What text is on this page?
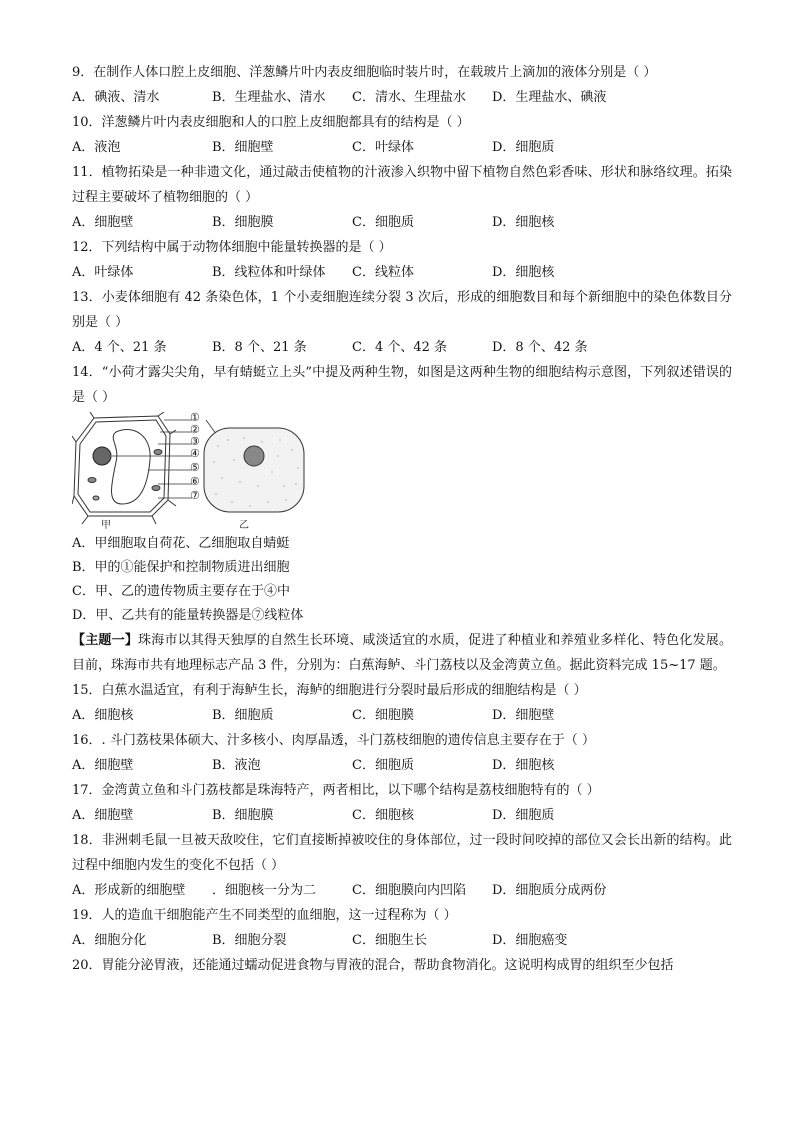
9．在制作人体口腔上皮细胞、洋葱鳞片叶内表皮细胞临时装片时，在载玻片上滴加的液体分别是（ ）
A．碘液、清水	B．生理盐水、清水	C．清水、生理盐水	D．生理盐水、碘液
10．洋葱鳞片叶内表皮细胞和人的口腔上皮细胞都具有的结构是（ ）
A．液泡	B．细胞壁	C．叶绿体	D．细胞质
11．植物拓染是一种非遗文化，通过敲击使植物的汁液渗入织物中留下植物自然色彩香味、形状和脉络纹理。拓染过程主要破坏了植物细胞的（ ）
A．细胞壁	B．细胞膜	C．细胞质	D．细胞核
12．下列结构中属于动物体细胞中能量转换器的是（ ）
A．叶绿体	B．线粒体和叶绿体	C．线粒体	D．细胞核
13．小麦体细胞有 42 条染色体，1 个小麦细胞连续分裂 3 次后，形成的细胞数目和每个新细胞中的染色体数目分别是（ ）
A．4 个、21 条	B．8 个、21 条	C．4 个、42 条	D．8 个、42 条
14．“小荷才露尖尖角，早有蜻蜓立上头”中提及两种生物，如图是这两种生物的细胞结构示意图，下列叙述错误的是（ ）
甲	乙
①
②
③
④
⑤
⑥
⑦
A．甲细胞取自荷花、乙细胞取自蜻蜓
B．甲的①能保护和控制物质进出细胞
C．甲、乙的遗传物质主要存在于④中
D．甲、乙共有的能量转换器是⑦线粒体
【主题一】珠海市以其得天独厚的自然生长环境、咸淡适宜的水质，促进了种植业和养殖业多样化、特色化发展。目前，珠海市共有地理标志产品 3 件，分别为：白蕉海鲈、斗门荔枝以及金湾黄立鱼。据此资料完成 15~17 题。
15．白蕉水温适宜，有利于海鲈生长，海鲈的细胞进行分裂时最后形成的细胞结构是（ ）
A．细胞核	B．细胞质	C．细胞膜	D．细胞壁
16．. 斗门荔枝果体硕大、汁多核小、肉厚晶透，斗门荔枝细胞的遗传信息主要存在于（ ）
A．细胞壁	B．液泡	C．细胞质	D．细胞核
17．金湾黄立鱼和斗门荔枝都是珠海特产，两者相比，以下哪个结构是荔枝细胞特有的（ ）
A．细胞壁	B．细胞膜	C．细胞核	D．细胞质
18．非洲刺毛鼠一旦被天敌咬住，它们直接断掉被咬住的身体部位，过一段时间咬掉的部位又会长出新的结构。此过程中细胞内发生的变化不包括（ ）
A．形成新的细胞壁	．细胞核一分为二	C．细胞膜向内凹陷	D．细胞质分成两份
19．人的造血干细胞能产生不同类型的血细胞，这一过程称为（ ）
A．细胞分化	B．细胞分裂	C．细胞生长	D．细胞癌变
20．胃能分泌胃液，还能通过蠕动促进食物与胃液的混合，帮助食物消化。这说明构成胃的组织至少包括
